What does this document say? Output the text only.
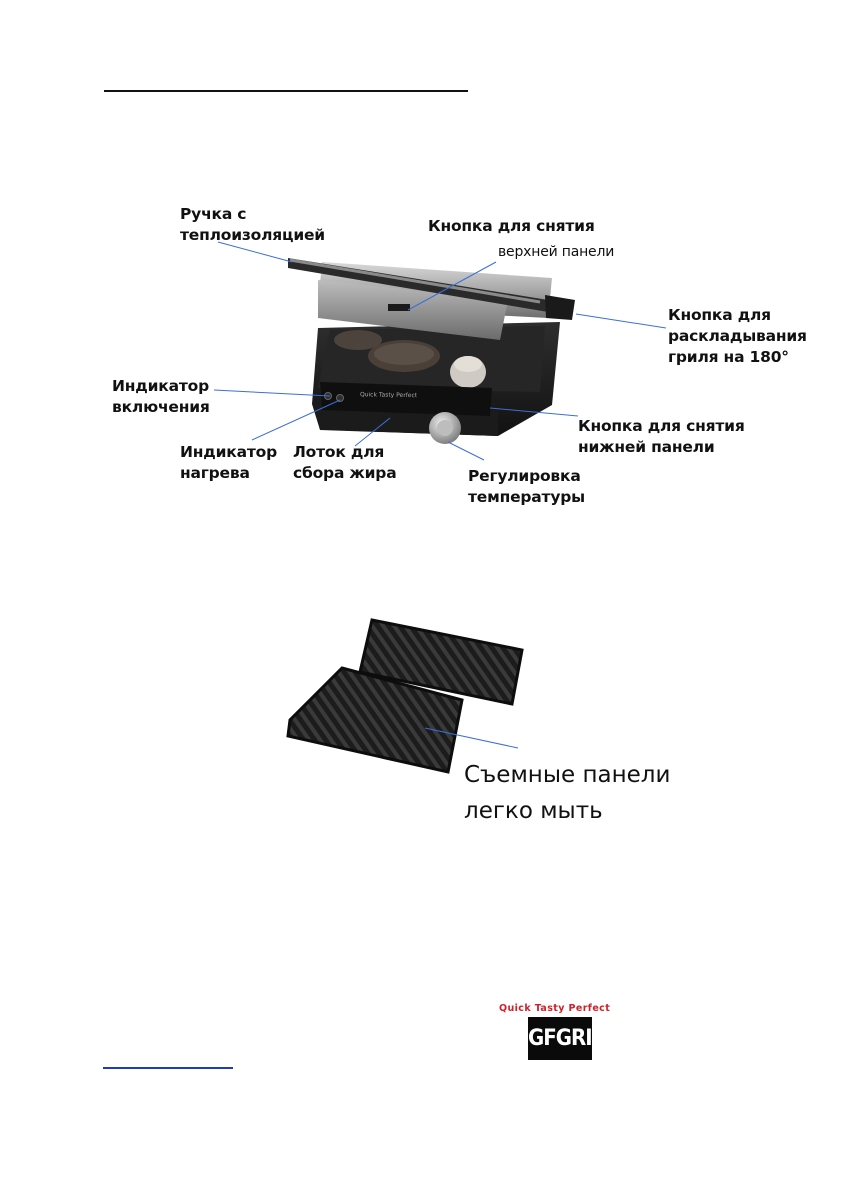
Quick Tasty Perfect
Ручка с
теплоизоляцией	Кнопка для снятия
верхней панели
Кнопка для
раскладывания
гриля на 180°
Индикатор
включения
Кнопка для снятия
нижней панели
Индикатор
нагрева
Лоток для
сбора жира	Регулировка
температуры
Съемные панели
легко мыть
Quick Tasty Perfect
GFGRIL
